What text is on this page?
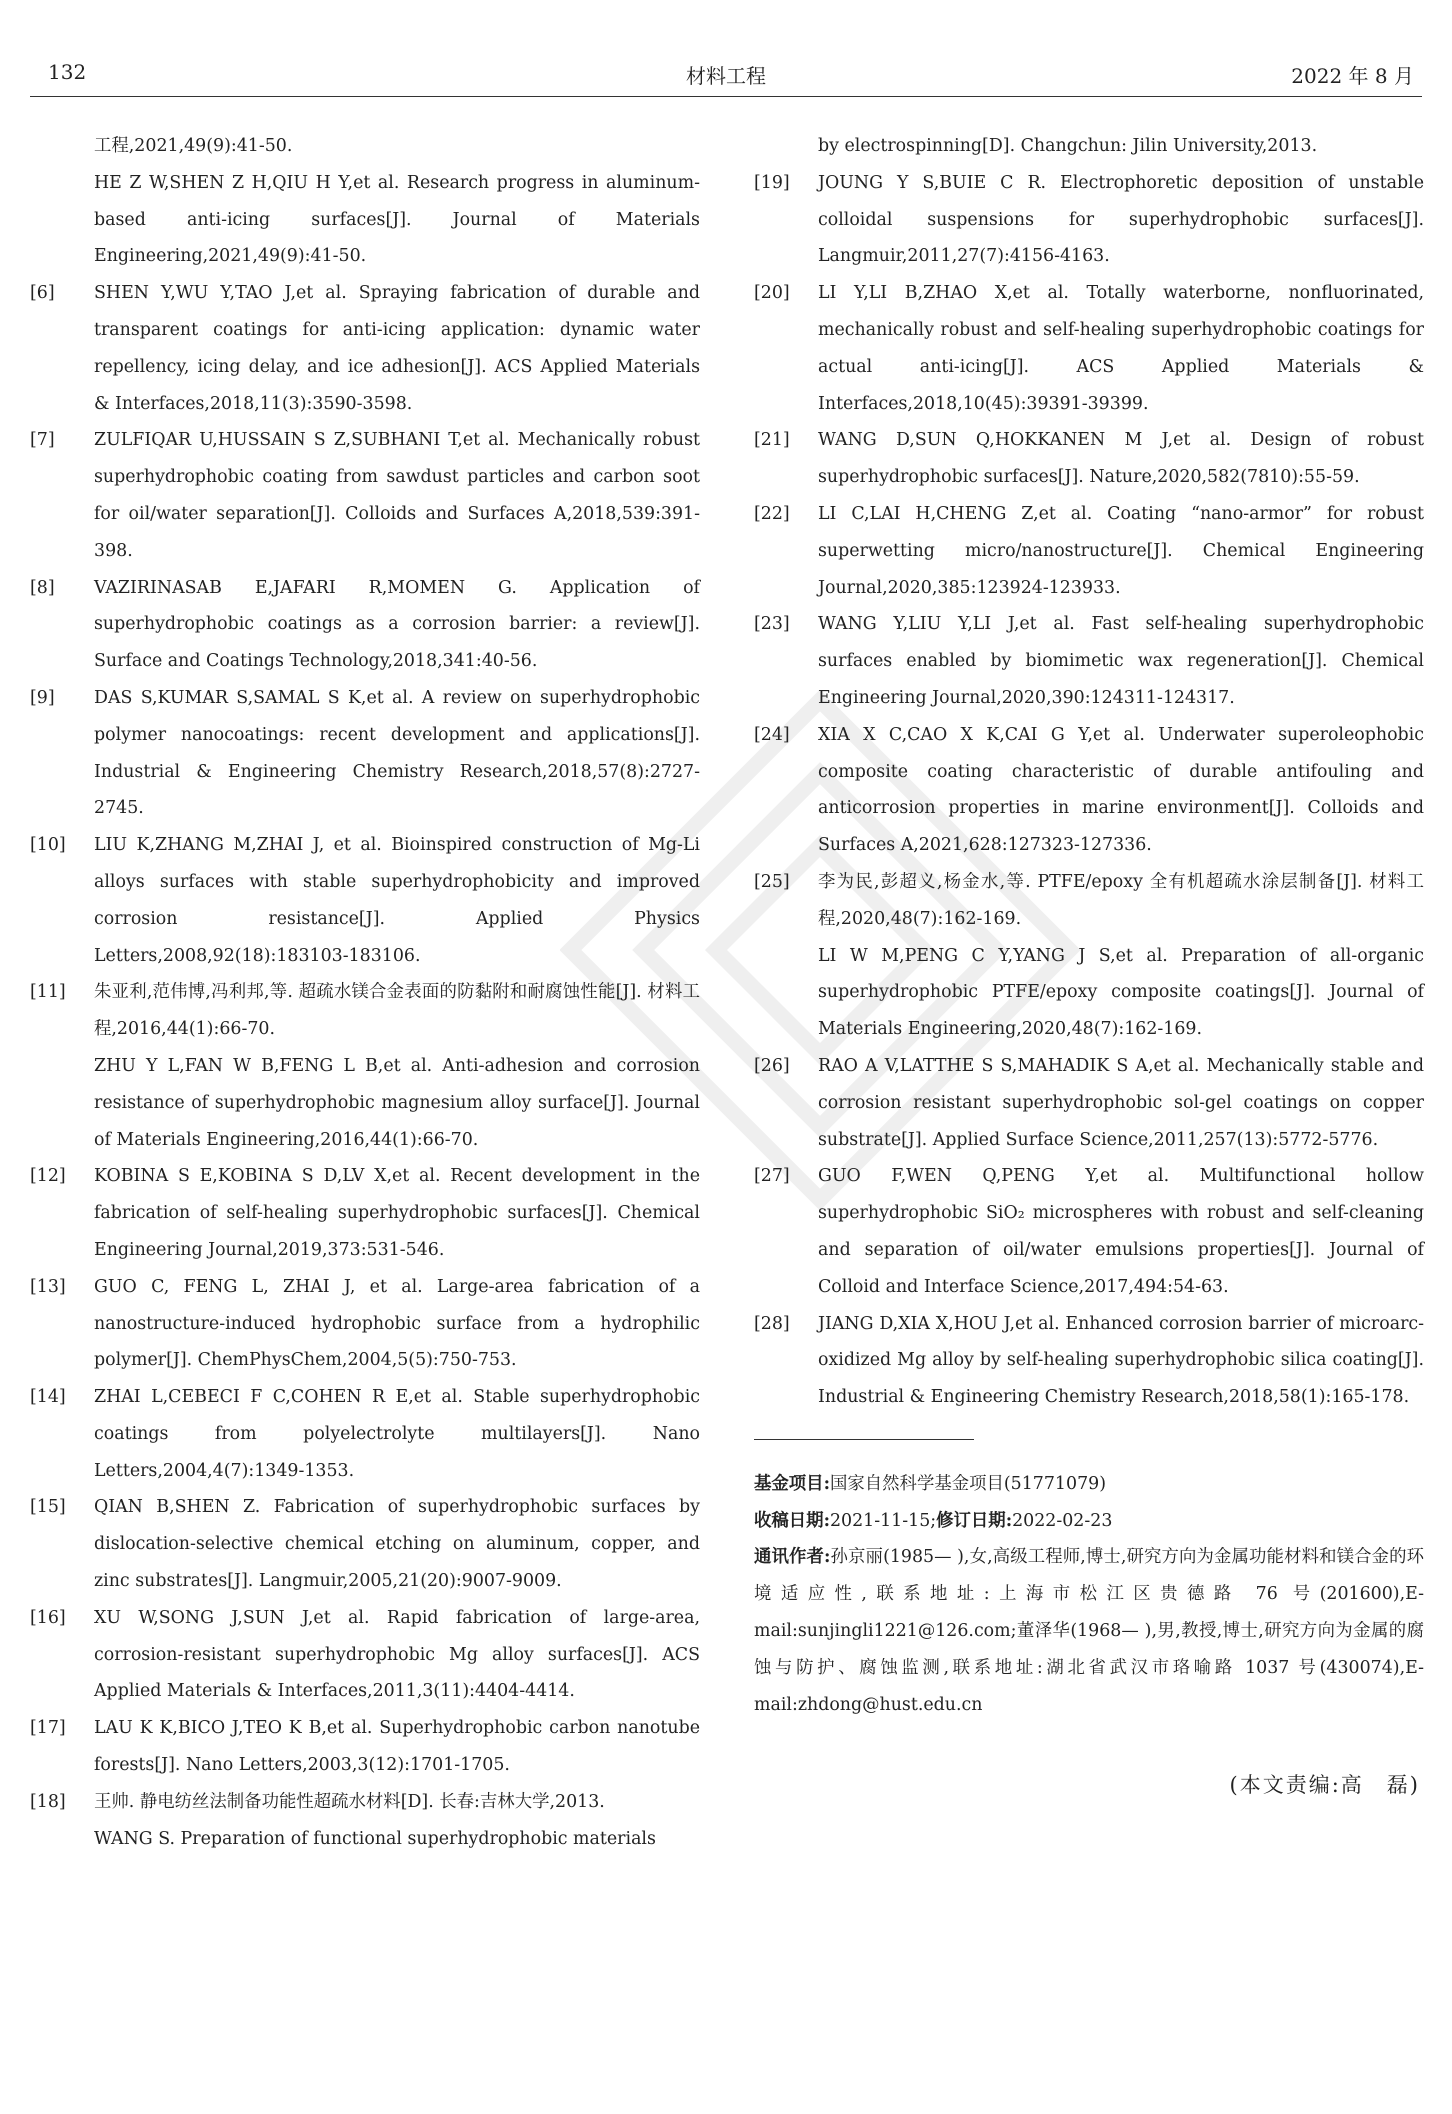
132	材料工程	2022 年 8 月

工程,2021,49(9):41-50.

HE Z W,SHEN Z H,QIU H Y,et al. Research progress in aluminum-based anti-icing surfaces[J]. Journal of Materials Engineering,2021,49(9):41-50.

[6] SHEN Y,WU Y,TAO J,et al. Spraying fabrication of durable and transparent coatings for anti-icing application: dynamic water repellency, icing delay, and ice adhesion[J]. ACS Applied Materials & Interfaces,2018,11(3):3590-3598.

[7] ZULFIQAR U,HUSSAIN S Z,SUBHANI T,et al. Mechanically robust superhydrophobic coating from sawdust particles and carbon soot for oil/water separation[J]. Colloids and Surfaces A,2018,539:391-398.

[8] VAZIRINASAB E,JAFARI R,MOMEN G. Application of superhydrophobic coatings as a corrosion barrier: a review[J]. Surface and Coatings Technology,2018,341:40-56.

[9] DAS S,KUMAR S,SAMAL S K,et al. A review on superhydrophobic polymer nanocoatings: recent development and applications[J]. Industrial & Engineering Chemistry Research,2018,57(8):2727-2745.

[10] LIU K,ZHANG M,ZHAI J, et al. Bioinspired construction of Mg-Li alloys surfaces with stable superhydrophobicity and improved corrosion resistance[J]. Applied Physics Letters,2008,92(18):183103-183106.

[11] 朱亚利,范伟博,冯利邦,等. 超疏水镁合金表面的防黏附和耐腐蚀性能[J]. 材料工程,2016,44(1):66-70.

ZHU Y L,FAN W B,FENG L B,et al. Anti-adhesion and corrosion resistance of superhydrophobic magnesium alloy surface[J]. Journal of Materials Engineering,2016,44(1):66-70.

[12] KOBINA S E,KOBINA S D,LV X,et al. Recent development in the fabrication of self-healing superhydrophobic surfaces[J]. Chemical Engineering Journal,2019,373:531-546.

[13] GUO C, FENG L, ZHAI J, et al. Large-area fabrication of a nanostructure-induced hydrophobic surface from a hydrophilic polymer[J]. ChemPhysChem,2004,5(5):750-753.

[14] ZHAI L,CEBECI F C,COHEN R E,et al. Stable superhydrophobic coatings from polyelectrolyte multilayers[J]. Nano Letters,2004,4(7):1349-1353.

[15] QIAN B,SHEN Z. Fabrication of superhydrophobic surfaces by dislocation-selective chemical etching on aluminum, copper, and zinc substrates[J]. Langmuir,2005,21(20):9007-9009.

[16] XU W,SONG J,SUN J,et al. Rapid fabrication of large-area, corrosion-resistant superhydrophobic Mg alloy surfaces[J]. ACS Applied Materials & Interfaces,2011,3(11):4404-4414.

[17] LAU K K,BICO J,TEO K B,et al. Superhydrophobic carbon nanotube forests[J]. Nano Letters,2003,3(12):1701-1705.

[18] 王帅. 静电纺丝法制备功能性超疏水材料[D]. 长春:吉林大学,2013.

WANG S. Preparation of functional superhydrophobic materials

by electrospinning[D]. Changchun: Jilin University,2013.

[19] JOUNG Y S,BUIE C R. Electrophoretic deposition of unstable colloidal suspensions for superhydrophobic surfaces[J]. Langmuir,2011,27(7):4156-4163.

[20] LI Y,LI B,ZHAO X,et al. Totally waterborne, nonfluorinated, mechanically robust and self-healing superhydrophobic coatings for actual anti-icing[J]. ACS Applied Materials & Interfaces,2018,10(45):39391-39399.

[21] WANG D,SUN Q,HOKKANEN M J,et al. Design of robust superhydrophobic surfaces[J]. Nature,2020,582(7810):55-59.

[22] LI C,LAI H,CHENG Z,et al. Coating “nano-armor” for robust superwetting micro/nanostructure[J]. Chemical Engineering Journal,2020,385:123924-123933.

[23] WANG Y,LIU Y,LI J,et al. Fast self-healing superhydrophobic surfaces enabled by biomimetic wax regeneration[J]. Chemical Engineering Journal,2020,390:124311-124317.

[24] XIA X C,CAO X K,CAI G Y,et al. Underwater superoleophobic composite coating characteristic of durable antifouling and anticorrosion properties in marine environment[J]. Colloids and Surfaces A,2021,628:127323-127336.

[25] 李为民,彭超义,杨金水,等. PTFE/epoxy 全有机超疏水涂层制备[J]. 材料工程,2020,48(7):162-169.

LI W M,PENG C Y,YANG J S,et al. Preparation of all-organic superhydrophobic PTFE/epoxy composite coatings[J]. Journal of Materials Engineering,2020,48(7):162-169.

[26] RAO A V,LATTHE S S,MAHADIK S A,et al. Mechanically stable and corrosion resistant superhydrophobic sol-gel coatings on copper substrate[J]. Applied Surface Science,2011,257(13):5772-5776.

[27] GUO F,WEN Q,PENG Y,et al. Multifunctional hollow superhydrophobic SiO₂ microspheres with robust and self-cleaning and separation of oil/water emulsions properties[J]. Journal of Colloid and Interface Science,2017,494:54-63.

[28] JIANG D,XIA X,HOU J,et al. Enhanced corrosion barrier of microarc-oxidized Mg alloy by self-healing superhydrophobic silica coating[J]. Industrial & Engineering Chemistry Research,2018,58(1):165-178.

基金项目:国家自然科学基金项目(51771079)

收稿日期:2021-11-15;修订日期:2022-02-23

通讯作者:孙京丽(1985— ),女,高级工程师,博士,研究方向为金属功能材料和镁合金的环境适应性,联系地址:上海市松江区贵德路 76 号(201600),E-mail:sunjingli1221@126.com;董泽华(1968— ),男,教授,博士,研究方向为金属的腐蚀与防护、腐蚀监测,联系地址:湖北省武汉市珞喻路 1037 号(430074),E-mail:zhdong@hust.edu.cn

(本文责编:高　磊)
